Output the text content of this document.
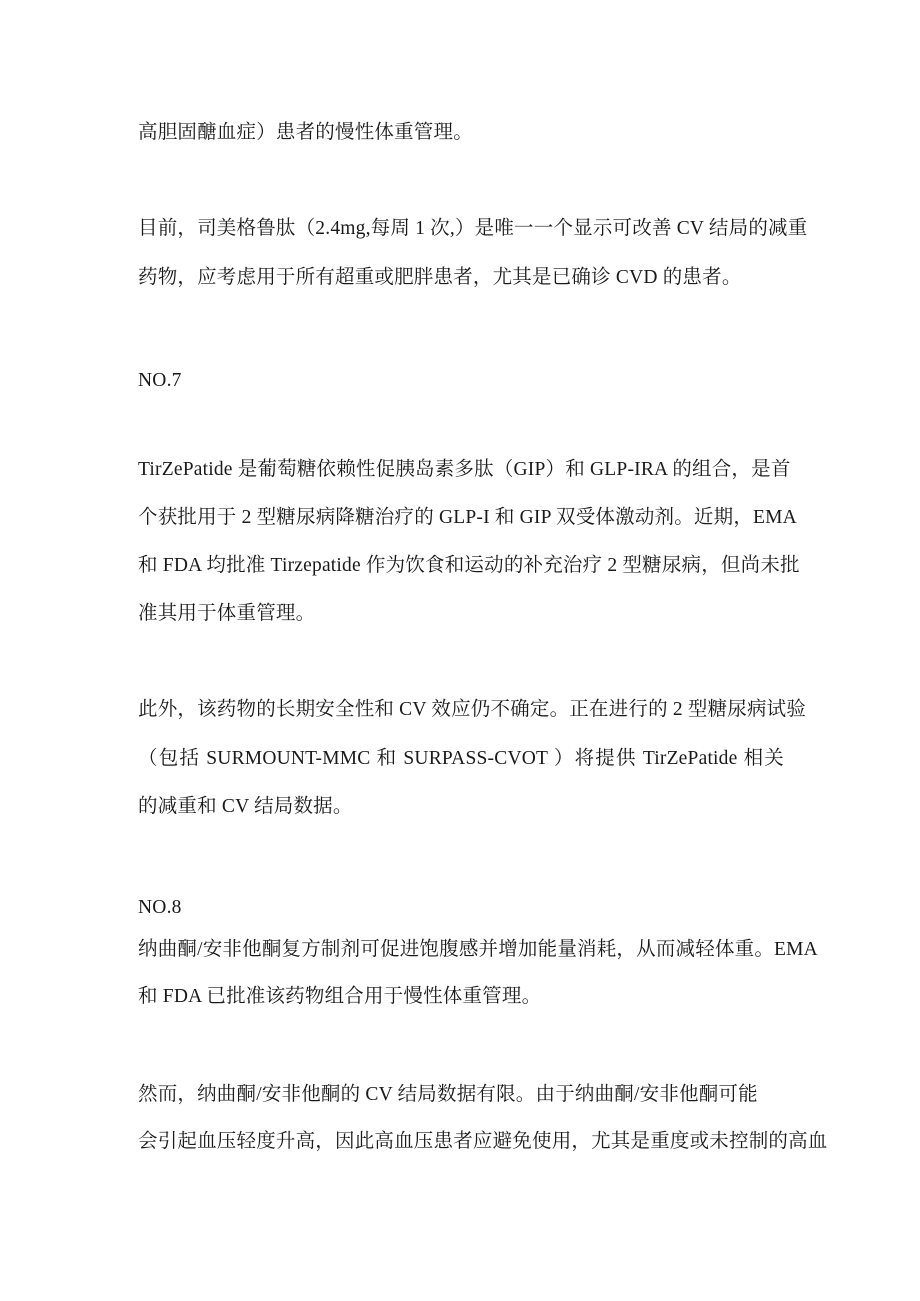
高胆固醣血症）患者的慢性体重管理。
目前，司美格鲁肽（2.4mg,每周 1 次,）是唯一一个显示可改善 CV 结局的减重
药物，应考虑用于所有超重或肥胖患者，尤其是已确诊 CVD 的患者。
NO.7
TirZePatide 是葡萄糖依赖性促胰岛素多肽（GIP）和 GLP-IRA 的组合，是首
个获批用于 2 型糖尿病降糖治疗的 GLP-I 和 GIP 双受体激动剂。近期，EMA
和 FDA 均批准 Tirzepatide 作为饮食和运动的补充治疗 2 型糖尿病，但尚未批
准其用于体重管理。
此外，该药物的长期安全性和 CV 效应仍不确定。正在进行的 2 型糖尿病试验
（包括 SURMOUNT-MMC 和 SURPASS-CVOT ）将提供 TirZePatide 相关
的减重和 CV 结局数据。
NO.8
纳曲酮/安非他酮复方制剂可促进饱腹感并增加能量消耗，从而减轻体重。EMA
和 FDA 已批准该药物组合用于慢性体重管理。
然而，纳曲酮/安非他酮的 CV 结局数据有限。由于纳曲酮/安非他酮可能
会引起血压轻度升高，因此高血压患者应避免使用，尤其是重度或未控制的高血
